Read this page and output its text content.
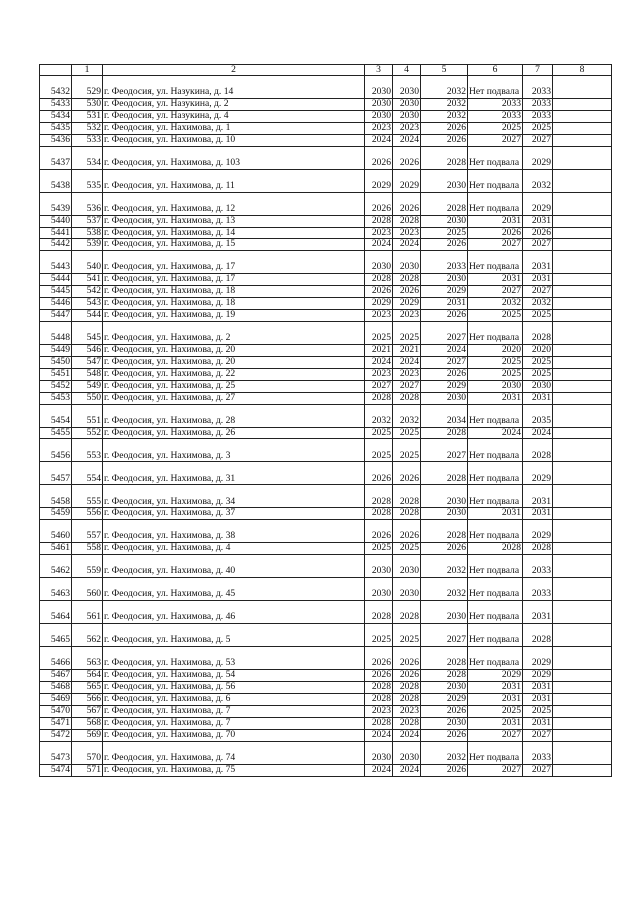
	1	2	3	4	5	6	7	8
5432	529	г. Феодосия, ул. Назукина, д. 14	2030	2030	2032	Нет подвала	2033	
5433	530	г. Феодосия, ул. Назукина, д. 2	2030	2030	2032	2033	2033	
5434	531	г. Феодосия, ул. Назукина, д. 4	2030	2030	2032	2033	2033	
5435	532	г. Феодосия, ул. Нахимова, д. 1	2023	2023	2026	2025	2025	
5436	533	г. Феодосия, ул. Нахимова, д. 10	2024	2024	2026	2027	2027	
5437	534	г. Феодосия, ул. Нахимова, д. 103	2026	2026	2028	Нет подвала	2029	
5438	535	г. Феодосия, ул. Нахимова, д. 11	2029	2029	2030	Нет подвала	2032	
5439	536	г. Феодосия, ул. Нахимова, д. 12	2026	2026	2028	Нет подвала	2029	
5440	537	г. Феодосия, ул. Нахимова, д. 13	2028	2028	2030	2031	2031	
5441	538	г. Феодосия, ул. Нахимова, д. 14	2023	2023	2025	2026	2026	
5442	539	г. Феодосия, ул. Нахимова, д. 15	2024	2024	2026	2027	2027	
5443	540	г. Феодосия, ул. Нахимова, д. 17	2030	2030	2033	Нет подвала	2031	
5444	541	г. Феодосия, ул. Нахимова, д. 17	2028	2028	2030	2031	2031	
5445	542	г. Феодосия, ул. Нахимова, д. 18	2026	2026	2029	2027	2027	
5446	543	г. Феодосия, ул. Нахимова, д. 18	2029	2029	2031	2032	2032	
5447	544	г. Феодосия, ул. Нахимова, д. 19	2023	2023	2026	2025	2025	
5448	545	г. Феодосия, ул. Нахимова, д. 2	2025	2025	2027	Нет подвала	2028	
5449	546	г. Феодосия, ул. Нахимова, д. 20	2021	2021	2024	2020	2020	
5450	547	г. Феодосия, ул. Нахимова, д. 20	2024	2024	2027	2025	2025	
5451	548	г. Феодосия, ул. Нахимова, д. 22	2023	2023	2026	2025	2025	
5452	549	г. Феодосия, ул. Нахимова, д. 25	2027	2027	2029	2030	2030	
5453	550	г. Феодосия, ул. Нахимова, д. 27	2028	2028	2030	2031	2031	
5454	551	г. Феодосия, ул. Нахимова, д. 28	2032	2032	2034	Нет подвала	2035	
5455	552	г. Феодосия, ул. Нахимова, д. 26	2025	2025	2028	2024	2024	
5456	553	г. Феодосия, ул. Нахимова, д. 3	2025	2025	2027	Нет подвала	2028	
5457	554	г. Феодосия, ул. Нахимова, д. 31	2026	2026	2028	Нет подвала	2029	
5458	555	г. Феодосия, ул. Нахимова, д. 34	2028	2028	2030	Нет подвала	2031	
5459	556	г. Феодосия, ул. Нахимова, д. 37	2028	2028	2030	2031	2031	
5460	557	г. Феодосия, ул. Нахимова, д. 38	2026	2026	2028	Нет подвала	2029	
5461	558	г. Феодосия, ул. Нахимова, д. 4	2025	2025	2026	2028	2028	
5462	559	г. Феодосия, ул. Нахимова, д. 40	2030	2030	2032	Нет подвала	2033	
5463	560	г. Феодосия, ул. Нахимова, д. 45	2030	2030	2032	Нет подвала	2033	
5464	561	г. Феодосия, ул. Нахимова, д. 46	2028	2028	2030	Нет подвала	2031	
5465	562	г. Феодосия, ул. Нахимова, д. 5	2025	2025	2027	Нет подвала	2028	
5466	563	г. Феодосия, ул. Нахимова, д. 53	2026	2026	2028	Нет подвала	2029	
5467	564	г. Феодосия, ул. Нахимова, д. 54	2026	2026	2028	2029	2029	
5468	565	г. Феодосия, ул. Нахимова, д. 56	2028	2028	2030	2031	2031	
5469	566	г. Феодосия, ул. Нахимова, д. 6	2028	2028	2029	2031	2031	
5470	567	г. Феодосия, ул. Нахимова, д. 7	2023	2023	2026	2025	2025	
5471	568	г. Феодосия, ул. Нахимова, д. 7	2028	2028	2030	2031	2031	
5472	569	г. Феодосия, ул. Нахимова, д. 70	2024	2024	2026	2027	2027	
5473	570	г. Феодосия, ул. Нахимова, д. 74	2030	2030	2032	Нет подвала	2033	
5474	571	г. Феодосия, ул. Нахимова, д. 75	2024	2024	2026	2027	2027	
